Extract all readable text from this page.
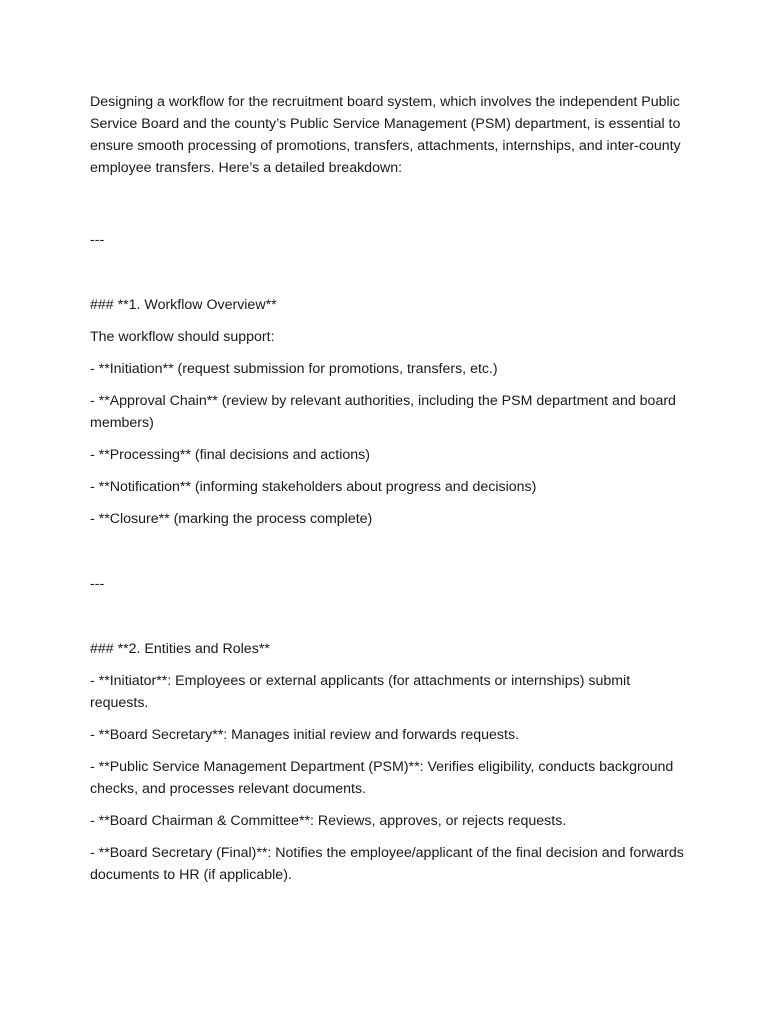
Designing a workflow for the recruitment board system, which involves the independent Public Service Board and the county’s Public Service Management (PSM) department, is essential to ensure smooth processing of promotions, transfers, attachments, internships, and inter-county employee transfers. Here’s a detailed breakdown:

---

### **1. Workflow Overview**

The workflow should support:

- **Initiation** (request submission for promotions, transfers, etc.)

- **Approval Chain** (review by relevant authorities, including the PSM department and board members)

- **Processing** (final decisions and actions)

- **Notification** (informing stakeholders about progress and decisions)

- **Closure** (marking the process complete)

---

### **2. Entities and Roles**

- **Initiator**: Employees or external applicants (for attachments or internships) submit requests.

- **Board Secretary**: Manages initial review and forwards requests.

- **Public Service Management Department (PSM)**: Verifies eligibility, conducts background checks, and processes relevant documents.

- **Board Chairman & Committee**: Reviews, approves, or rejects requests.

- **Board Secretary (Final)**: Notifies the employee/applicant of the final decision and forwards documents to HR (if applicable).
